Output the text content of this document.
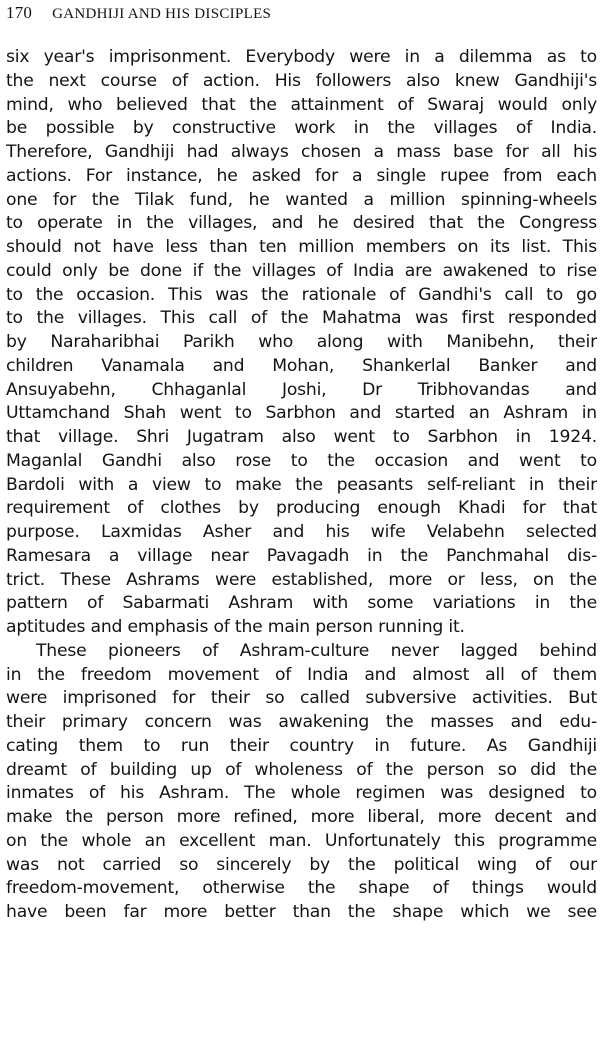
170 GANDHIJI AND HIS DISCIPLES

six year's imprisonment. Everybody were in a dilemma as to
the next course of action. His followers also knew Gandhiji's
mind, who believed that the attainment of Swaraj would only
be possible by constructive work in the villages of India.
Therefore, Gandhiji had always chosen a mass base for all his
actions. For instance, he asked for a single rupee from each
one for the Tilak fund, he wanted a million spinning-wheels
to operate in the villages, and he desired that the Congress
should not have less than ten million members on its list. This
could only be done if the villages of India are awakened to rise
to the occasion. This was the rationale of Gandhi's call to go
to the villages. This call of the Mahatma was first responded
by Naraharibhai Parikh who along with Manibehn, their
children Vanamala and Mohan, Shankerlal Banker and
Ansuyabehn, Chhaganlal Joshi, Dr Tribhovandas and
Uttamchand Shah went to Sarbhon and started an Ashram in
that village. Shri Jugatram also went to Sarbhon in 1924.
Maganlal Gandhi also rose to the occasion and went to
Bardoli with a view to make the peasants self-reliant in their
requirement of clothes by producing enough Khadi for that
purpose. Laxmidas Asher and his wife Velabehn selected
Ramesara a village near Pavagadh in the Panchmahal dis-
trict. These Ashrams were established, more or less, on the
pattern of Sabarmati Ashram with some variations in the
aptitudes and emphasis of the main person running it.

These pioneers of Ashram-culture never lagged behind
in the freedom movement of India and almost all of them
were imprisoned for their so called subversive activities. But
their primary concern was awakening the masses and edu-
cating them to run their country in future. As Gandhiji
dreamt of building up of wholeness of the person so did the
inmates of his Ashram. The whole regimen was designed to
make the person more refined, more liberal, more decent and
on the whole an excellent man. Unfortunately this programme
was not carried so sincerely by the political wing of our
freedom-movement, otherwise the shape of things would
have been far more better than the shape which we see
